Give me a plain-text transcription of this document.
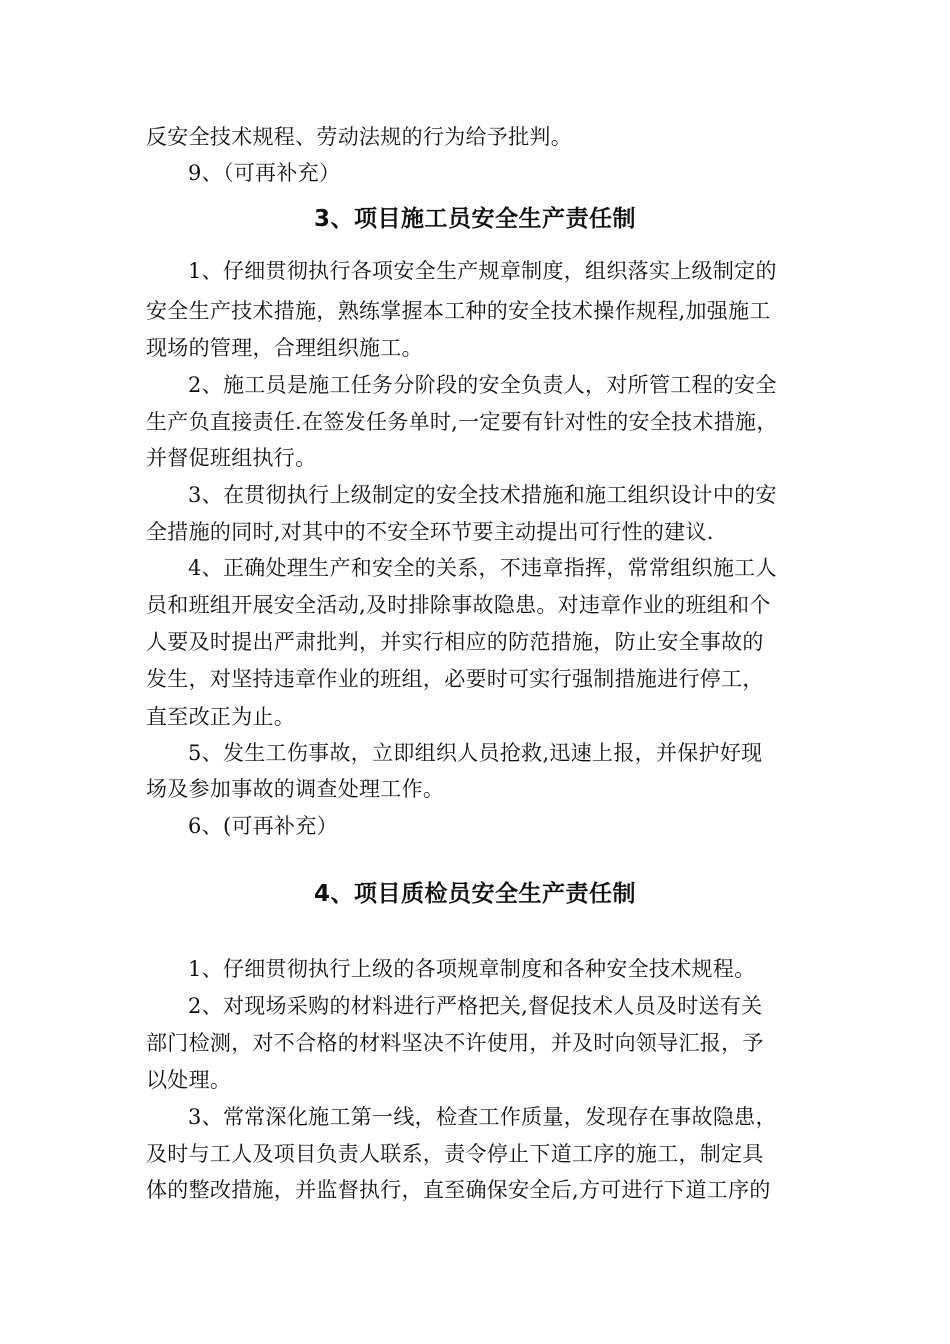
反安全技术规程、劳动法规的行为给予批判。
9、（可再补充）
3、项目施工员安全生产责任制
1、仔细贯彻执行各项安全生产规章制度，组织落实上级制定的
安全生产技术措施，熟练掌握本工种的安全技术操作规程,加强施工
现场的管理，合理组织施工。
2、施工员是施工任务分阶段的安全负责人，对所管工程的安全
生产负直接责任.在签发任务单时,一定要有针对性的安全技术措施，
并督促班组执行。
3、在贯彻执行上级制定的安全技术措施和施工组织设计中的安
全措施的同时,对其中的不安全环节要主动提出可行性的建议.
4、正确处理生产和安全的关系，不违章指挥，常常组织施工人
员和班组开展安全活动,及时排除事故隐患。对违章作业的班组和个
人要及时提出严肃批判，并实行相应的防范措施，防止安全事故的
发生，对坚持违章作业的班组，必要时可实行强制措施进行停工，
直至改正为止。
5、发生工伤事故，立即组织人员抢救,迅速上报，并保护好现
场及参加事故的调查处理工作。
6、(可再补充）
4、项目质检员安全生产责任制
1、仔细贯彻执行上级的各项规章制度和各种安全技术规程。
2、对现场采购的材料进行严格把关,督促技术人员及时送有关
部门检测，对不合格的材料坚决不许使用，并及时向领导汇报，予
以处理。
3、常常深化施工第一线，检查工作质量，发现存在事故隐患，
及时与工人及项目负责人联系，责令停止下道工序的施工，制定具
体的整改措施，并监督执行，直至确保安全后,方可进行下道工序的
